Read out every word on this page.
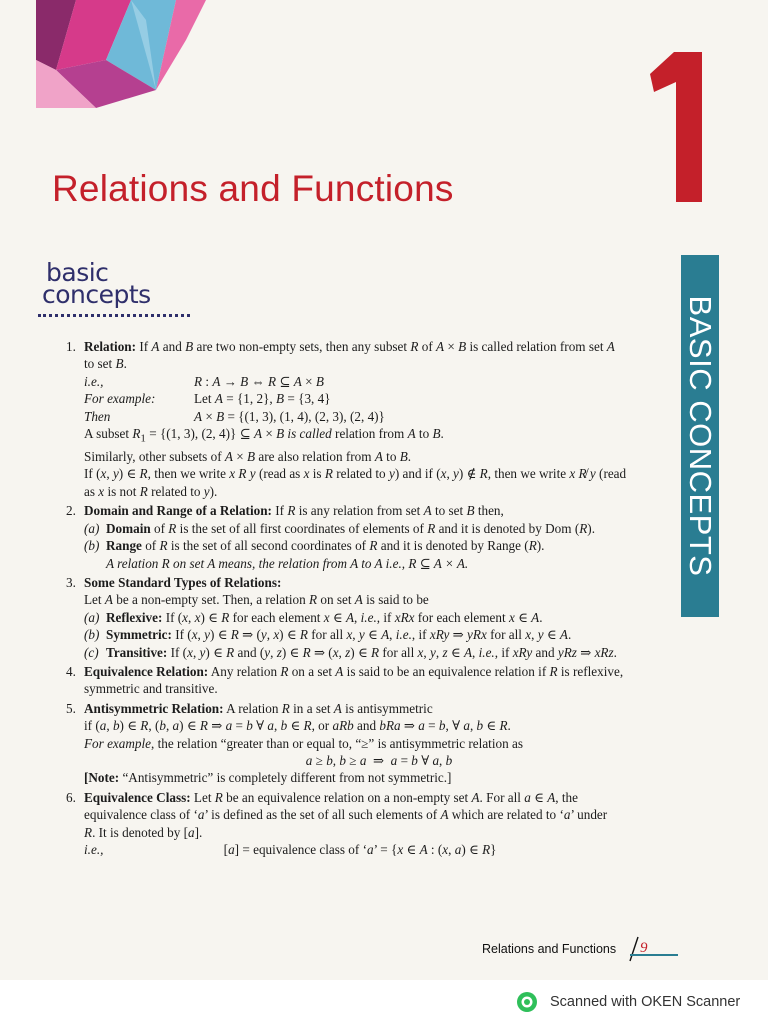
Relations and Functions
basic
concepts
BASIC CONCEPTS
1. Relation: If A and B are two non-empty sets, then any subset R of A × B is called relation from set A
to set B.
i.e.,	R : A → B ⇔ R ⊆ A × B
For example:	Let A = {1, 2}, B = {3, 4}
Then	A × B = {(1, 3), (1, 4), (2, 3), (2, 4)}
A subset $R_1 = \{(1$, 3), (2, 4)} ⊆ A × B is called relation from A to B.
Similarly, other subsets of A × B are also relation from A to B.
If (x, y) ∈ R, then we write x R y (read as x is R related to y) and if (x, y) ∉ R, then we write x R̸ y (read
as x is not R related to y).
2. Domain and Range of a Relation: If R is any relation from set A to set B then,
(a) Domain of R is the set of all first coordinates of elements of R and it is denoted by Dom (R).
(b) Range of R is the set of all second coordinates of R and it is denoted by Range (R).
A relation R on set A means, the relation from A to A i.e., R ⊆ A × A.
3. Some Standard Types of Relations:
Let A be a non-empty set. Then, a relation R on set A is said to be
(a) Reflexive: If (x, x) ∈ R for each element x ∈ A, i.e., if xRx for each element x ∈ A.
(b) Symmetric: If (x, y) ∈ R ⇒ (y, x) ∈ R for all x, y ∈ A, i.e., if xRy ⇒ yRx for all x, y ∈ A.
(c) Transitive: If (x, y) ∈ R and (y, z) ∈ R ⇒ (x, z) ∈ R for all x, y, z ∈ A, i.e., if xRy and yRz ⇒ xRz.
4. Equivalence Relation: Any relation R on a set A is said to be an equivalence relation if R is reflexive,
symmetric and transitive.
5. Antisymmetric Relation: A relation R in a set A is antisymmetric
if (a, b) ∈ R, (b, a) ∈ R ⇒ a = b ∀ a, b ∈ R, or aRb and bRa ⇒ a = b, ∀ a, b ∈ R.
For example, the relation “greater than or equal to, “≥” is antisymmetric relation as
a ≥ b, b ≥ a  ⇒  a = b ∀ a, b
[Note: “Antisymmetric” is completely different from not symmetric.]
6. Equivalence Class: Let R be an equivalence relation on a non-empty set A. For all a ∈ A, the
equivalence class of ‘a’ is defined as the set of all such elements of A which are related to ‘a’ under
R. It is denoted by [a].
i.e.,	[a] = equivalence class of ‘a’ = {x ∈ A : (x, a) ∈ R}
Relations and Functions 9
Scanned with OKEN Scanner
